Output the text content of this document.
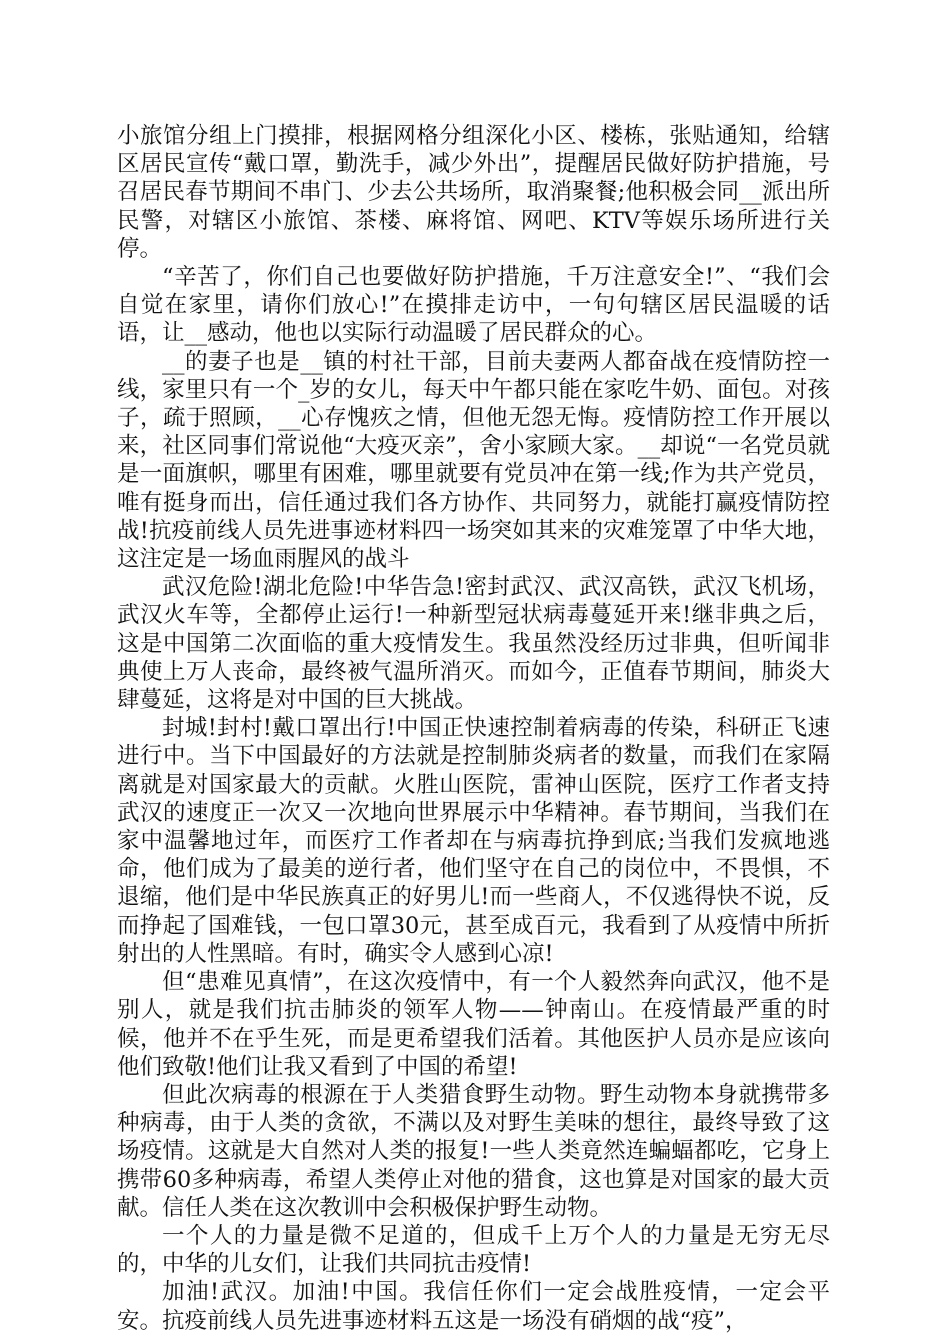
小旅馆分组上门摸排，根据网格分组深化小区、楼栋，张贴通知，给辖区居民宣传“戴口罩，勤洗手，减少外出”，提醒居民做好防护措施，号召居民春节期间不串门、少去公共场所，取消聚餐;他积极会同__派出所民警，对辖区小旅馆、茶楼、麻将馆、网吧、KTV等娱乐场所进行关停。

“辛苦了，你们自己也要做好防护措施，千万注意安全!”、“我们会自觉在家里，请你们放心!”在摸排走访中，一句句辖区居民温暖的话语，让__感动，他也以实际行动温暖了居民群众的心。

__的妻子也是__镇的村社干部，目前夫妻两人都奋战在疫情防控一线，家里只有一个_岁的女儿，每天中午都只能在家吃牛奶、面包。对孩子，疏于照顾，__心存愧疚之情，但他无怨无悔。疫情防控工作开展以来，社区同事们常说他“大疫灭亲”，舍小家顾大家。__却说“一名党员就是一面旗帜，哪里有困难，哪里就要有党员冲在第一线;作为共产党员，唯有挺身而出，信任通过我们各方协作、共同努力，就能打赢疫情防控战!抗疫前线人员先进事迹材料四一场突如其来的灾难笼罩了中华大地，这注定是一场血雨腥风的战斗

武汉危险!湖北危险!中华告急!密封武汉、武汉高铁，武汉飞机场，武汉火车等，全都停止运行!一种新型冠状病毒蔓延开来!继非典之后，这是中国第二次面临的重大疫情发生。我虽然没经历过非典，但听闻非典使上万人丧命，最终被气温所消灭。而如今，正值春节期间，肺炎大肆蔓延，这将是对中国的巨大挑战。

封城!封村!戴口罩出行!中国正快速控制着病毒的传染，科研正飞速进行中。当下中国最好的方法就是控制肺炎病者的数量，而我们在家隔离就是对国家最大的贡献。火胜山医院，雷神山医院，医疗工作者支持武汉的速度正一次又一次地向世界展示中华精神。春节期间，当我们在家中温馨地过年，而医疗工作者却在与病毒抗挣到底;当我们发疯地逃命，他们成为了最美的逆行者，他们坚守在自己的岗位中，不畏惧，不退缩，他们是中华民族真正的好男儿!而一些商人，不仅逃得快不说，反而挣起了国难钱，一包口罩30元，甚至成百元，我看到了从疫情中所折射出的人性黑暗。有时，确实令人感到心凉!

但“患难见真情”，在这次疫情中，有一个人毅然奔向武汉，他不是别人，就是我们抗击肺炎的领军人物——钟南山。在疫情最严重的时候，他并不在乎生死，而是更希望我们活着。其他医护人员亦是应该向他们致敬!他们让我又看到了中国的希望!

但此次病毒的根源在于人类猎食野生动物。野生动物本身就携带多种病毒，由于人类的贪欲，不满以及对野生美味的想往，最终导致了这场疫情。这就是大自然对人类的报复!一些人类竟然连蝙蝠都吃，它身上携带60多种病毒，希望人类停止对他的猎食，这也算是对国家的最大贡献。信任人类在这次教训中会积极保护野生动物。

一个人的力量是微不足道的，但成千上万个人的力量是无穷无尽的，中华的儿女们，让我们共同抗击疫情!

加油!武汉。加油!中国。我信任你们一定会战胜疫情，一定会平安。抗疫前线人员先进事迹材料五这是一场没有硝烟的战“疫”，
